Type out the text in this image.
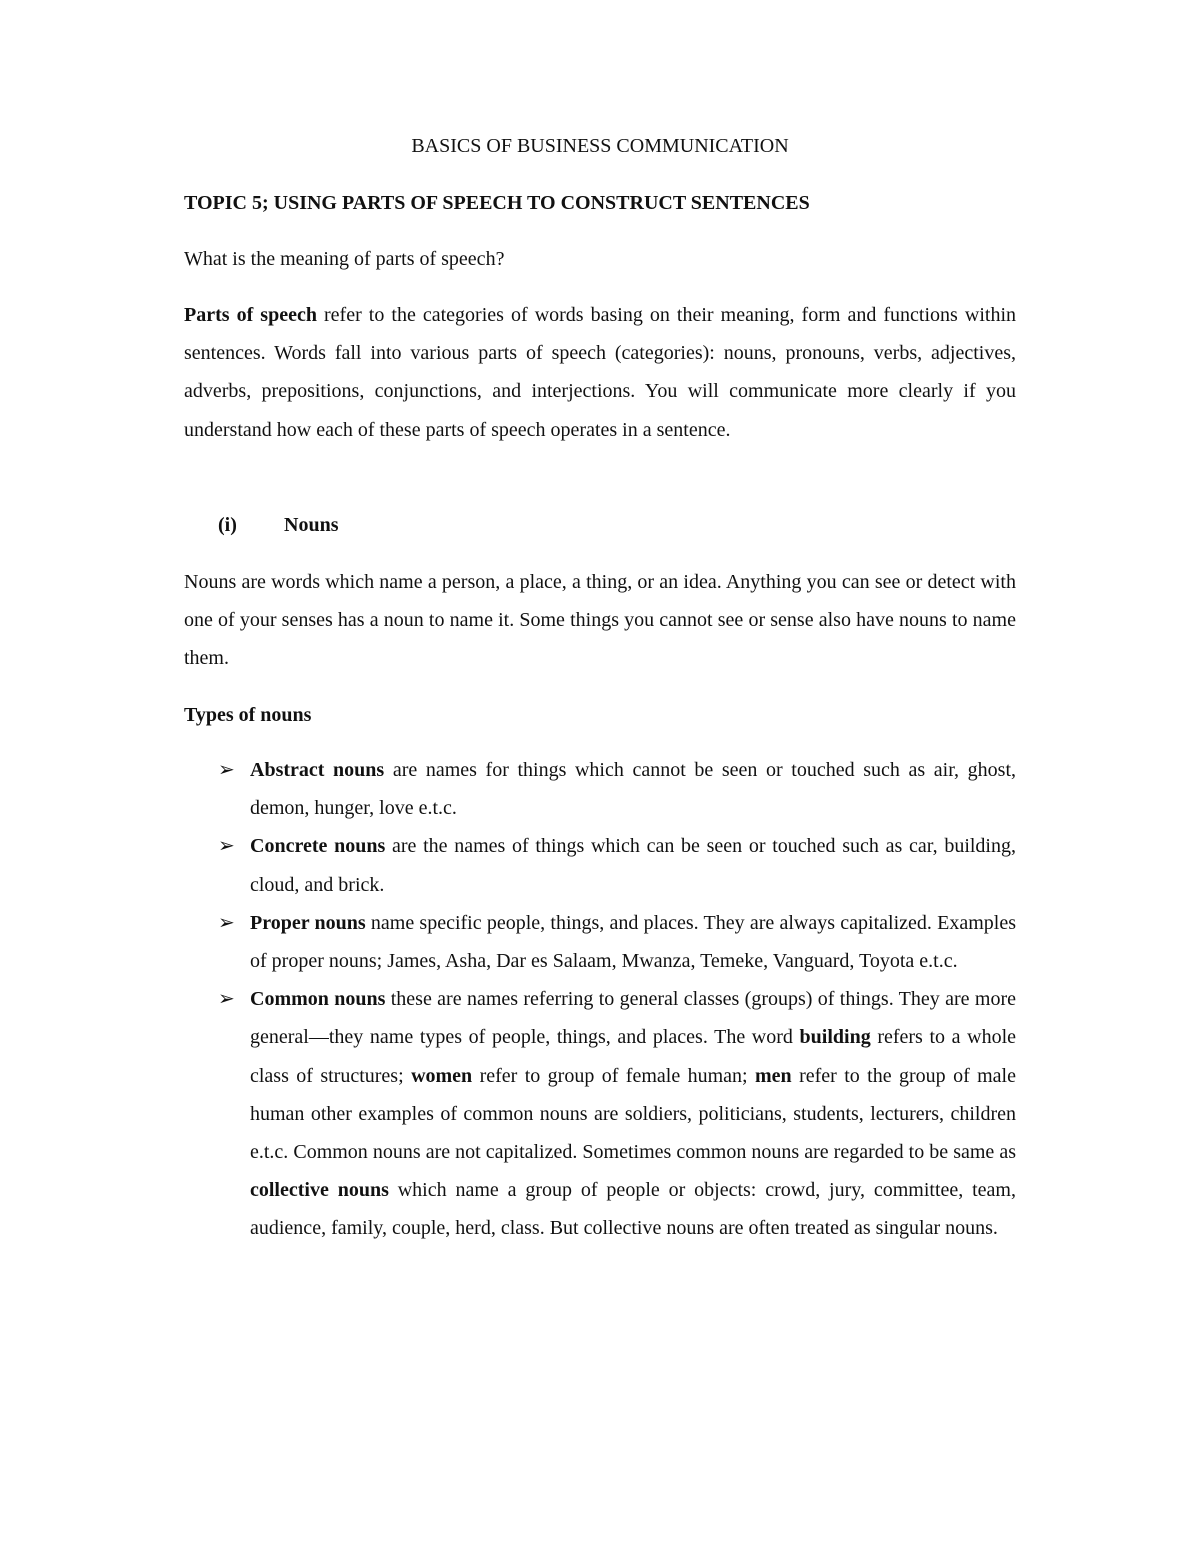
BASICS OF BUSINESS COMMUNICATION
TOPIC 5; USING PARTS OF SPEECH TO CONSTRUCT SENTENCES
What is the meaning of parts of speech?

Parts of speech refer to the categories of words basing on their meaning, form and functions within sentences. Words fall into various parts of speech (categories): nouns, pronouns, verbs, adjectives, adverbs, prepositions, conjunctions, and interjections. You will communicate more clearly if you understand how each of these parts of speech operates in a sentence.

(i) Nouns

Nouns are words which name a person, a place, a thing, or an idea. Anything you can see or detect with one of your senses has a noun to name it. Some things you cannot see or sense also have nouns to name them.

Types of nouns
➢ Abstract nouns are names for things which cannot be seen or touched such as air, ghost, demon, hunger, love e.t.c.
➢ Concrete nouns are the names of things which can be seen or touched such as car, building, cloud, and brick.
➢ Proper nouns name specific people, things, and places. They are always capitalized. Examples of proper nouns; James, Asha, Dar es Salaam, Mwanza, Temeke, Vanguard, Toyota e.t.c.
➢ Common nouns these are names referring to general classes (groups) of things. They are more general—they name types of people, things, and places. The word building refers to a whole class of structures; women refer to group of female human; men refer to the group of male human other examples of common nouns are soldiers, politicians, students, lecturers, children e.t.c. Common nouns are not capitalized. Sometimes common nouns are regarded to be same as collective nouns which name a group of people or objects: crowd, jury, committee, team, audience, family, couple, herd, class. But collective nouns are often treated as singular nouns.
